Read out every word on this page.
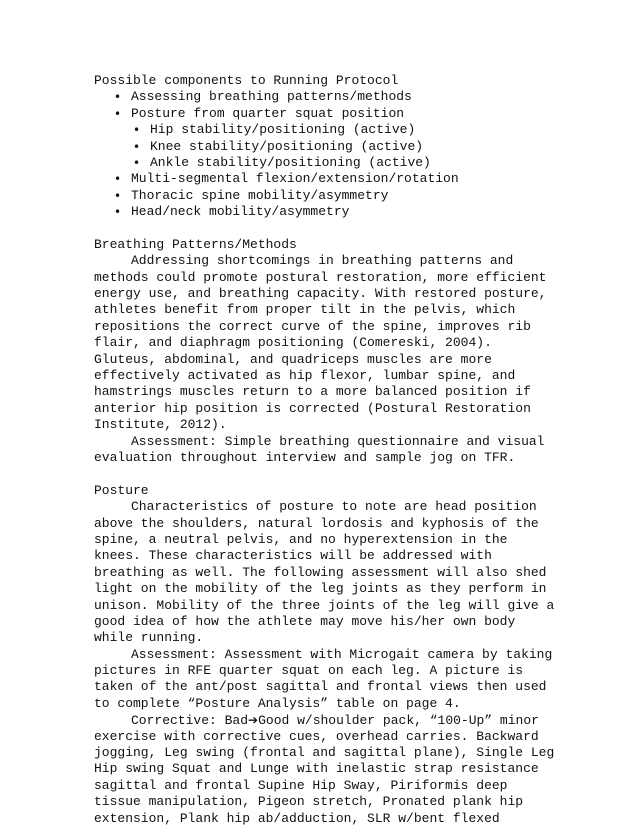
Possible components to Running Protocol
• Assessing breathing patterns/methods
• Posture from quarter squat position
• Hip stability/positioning (active)
• Knee stability/positioning (active)
• Ankle stability/positioning (active)
• Multi-segmental flexion/extension/rotation
• Thoracic spine mobility/asymmetry
• Head/neck mobility/asymmetry
Breathing Patterns/Methods
Addressing shortcomings in breathing patterns and
methods could promote postural restoration, more efficient
energy use, and breathing capacity. With restored posture,
athletes benefit from proper tilt in the pelvis, which
repositions the correct curve of the spine, improves rib
flair, and diaphragm positioning (Comereski, 2004).
Gluteus, abdominal, and quadriceps muscles are more
effectively activated as hip flexor, lumbar spine, and
hamstrings muscles return to a more balanced position if
anterior hip position is corrected (Postural Restoration
Institute, 2012).
Assessment: Simple breathing questionnaire and visual
evaluation throughout interview and sample jog on TFR.
Posture
Characteristics of posture to note are head position
above the shoulders, natural lordosis and kyphosis of the
spine, a neutral pelvis, and no hyperextension in the
knees. These characteristics will be addressed with
breathing as well. The following assessment will also shed
light on the mobility of the leg joints as they perform in
unison. Mobility of the three joints of the leg will give a
good idea of how the athlete may move his/her own body
while running.
Assessment: Assessment with Microgait camera by taking
pictures in RFE quarter squat on each leg. A picture is
taken of the ant/post sagittal and frontal views then used
to complete “Posture Analysis” table on page 4.
Corrective: Bad➔Good w/shoulder pack, “100-Up” minor
exercise with corrective cues, overhead carries. Backward
jogging, Leg swing (frontal and sagittal plane), Single Leg
Hip swing Squat and Lunge with inelastic strap resistance
sagittal and frontal Supine Hip Sway, Piriformis deep
tissue manipulation, Pigeon stretch, Pronated plank hip
extension, Plank hip ab/adduction, SLR w/bent flexed
